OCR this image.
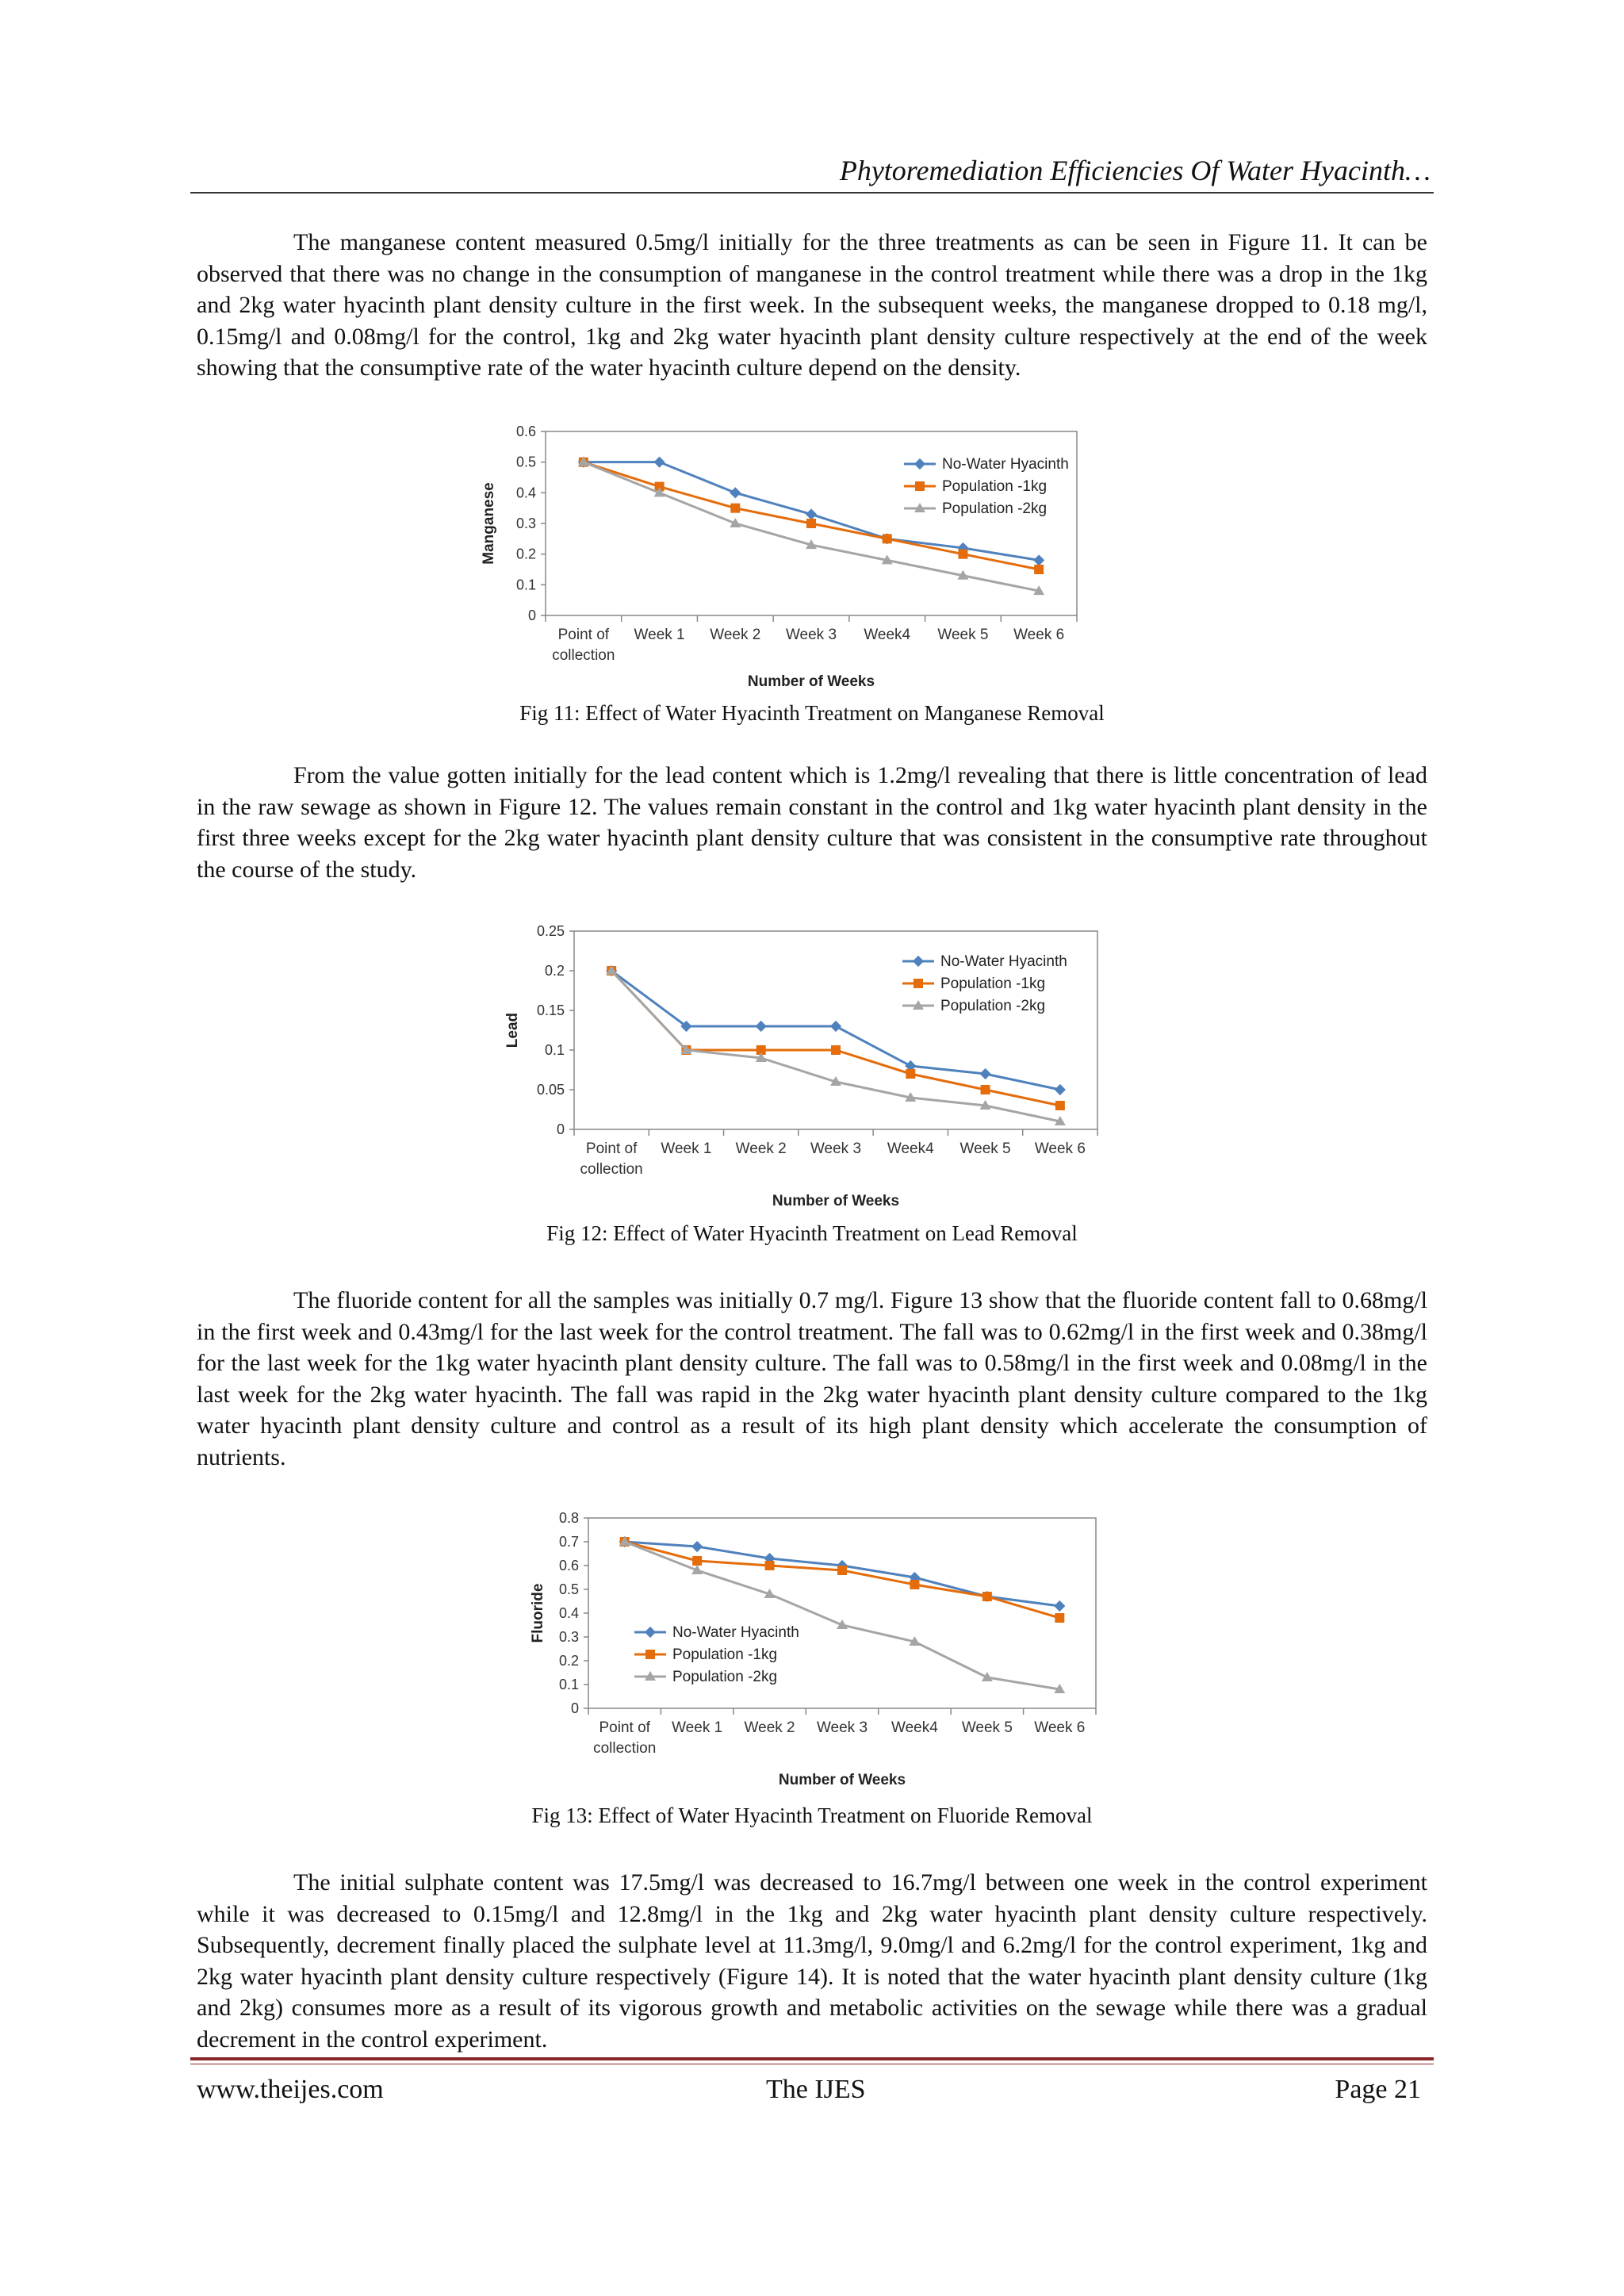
Phytoremediation Efficiencies Of Water Hyacinth…

The manganese content measured 0.5mg/l initially for the three treatments as can be seen in Figure 11. It can be observed that there was no change in the consumption of manganese in the control treatment while there was a drop in the 1kg and 2kg water hyacinth plant density culture in the first week. In the subsequent weeks, the manganese dropped to 0.18 mg/l, 0.15mg/l and 0.08mg/l for the control, 1kg and 2kg water hyacinth plant density culture respectively at the end of the week showing that the consumptive rate of the water hyacinth culture depend on the density.

0
0.1
0.2
0.3
0.4
0.5
0.6
Point of
collection
Week 1 Week 2 Week 3 Week4 Week 5 Week 6
Number of Weeks
Manganese
No-Water Hyacinth
Population -1kg
Population -2kg
Fig 11: Effect of Water Hyacinth Treatment on Manganese Removal

From the value gotten initially for the lead content which is 1.2mg/l revealing that there is little concentration of lead in the raw sewage as shown in Figure 12. The values remain constant in the control and 1kg water hyacinth plant density in the first three weeks except for the 2kg water hyacinth plant density culture that was consistent in the consumptive rate throughout the course of the study.

0
0.05
0.1
0.15
0.2
0.25
Point of
collection
Week 1 Week 2 Week 3 Week4 Week 5 Week 6
Number of Weeks
Lead
No-Water Hyacinth
Population -1kg
Population -2kg
Fig 12: Effect of Water Hyacinth Treatment on Lead Removal

The fluoride content for all the samples was initially 0.7 mg/l. Figure 13 show that the fluoride content fall to 0.68mg/l in the first week and 0.43mg/l for the last week for the control treatment. The fall was to 0.62mg/l in the first week and 0.38mg/l for the last week for the 1kg water hyacinth plant density culture. The fall was to 0.58mg/l in the first week and 0.08mg/l in the last week for the 2kg water hyacinth. The fall was rapid in the 2kg water hyacinth plant density culture compared to the 1kg water hyacinth plant density culture and control as a result of its high plant density which accelerate the consumption of nutrients.

0
0.1
0.2
0.3
0.4
0.5
0.6
0.7
0.8
Point of
collection
Week 1 Week 2 Week 3 Week4 Week 5 Week 6
Number of Weeks
Fluoride	No-Water Hyacinth
Population -1kg
Population -2kg
Fig 13: Effect of Water Hyacinth Treatment on Fluoride Removal

The initial sulphate content was 17.5mg/l was decreased to 16.7mg/l between one week in the control experiment while it was decreased to 0.15mg/l and 12.8mg/l in the 1kg and 2kg water hyacinth plant density culture respectively. Subsequently, decrement finally placed the sulphate level at 11.3mg/l, 9.0mg/l and 6.2mg/l for the control experiment, 1kg and 2kg water hyacinth plant density culture respectively (Figure 14). It is noted that the water hyacinth plant density culture (1kg and 2kg) consumes more as a result of its vigorous growth and metabolic activities on the sewage while there was a gradual decrement in the control experiment.

www.theijes.com	The IJES	Page 21
